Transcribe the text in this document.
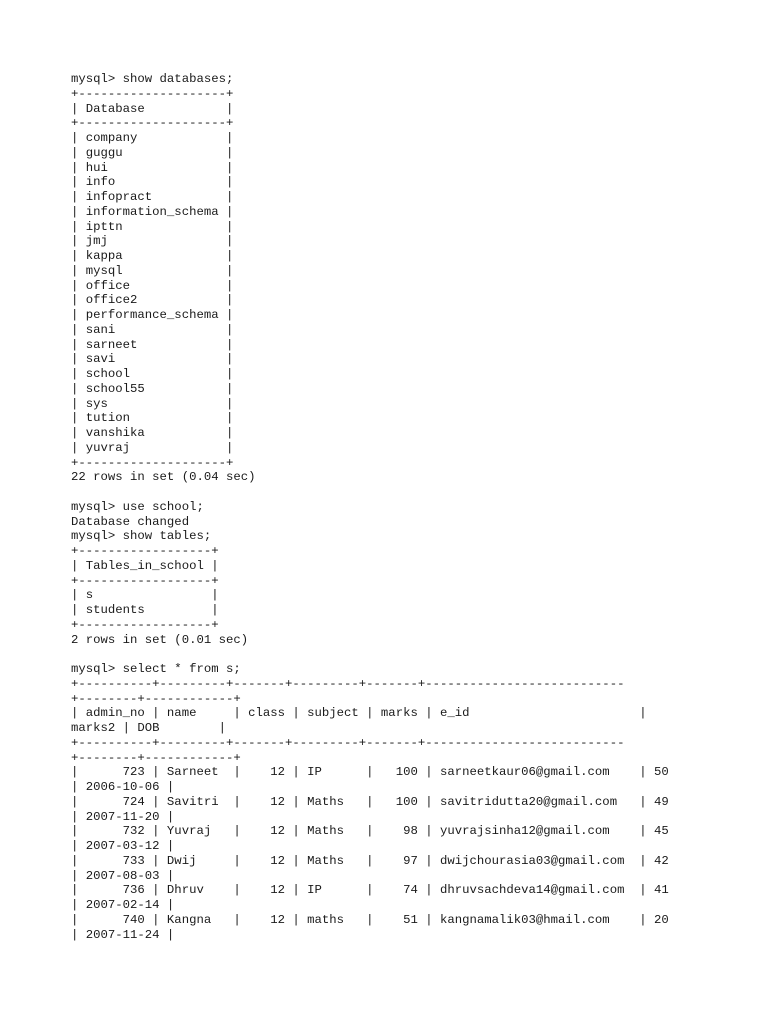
mysql> show databases;
+--------------------+
| Database           |
+--------------------+
| company            |
| guggu              |
| hui                |
| info               |
| infopract          |
| information_schema |
| ipttn              |
| jmj                |
| kappa              |
| mysql              |
| office             |
| office2            |
| performance_schema |
| sani               |
| sarneet            |
| savi               |
| school             |
| school55           |
| sys                |
| tution             |
| vanshika           |
| yuvraj             |
+--------------------+
22 rows in set (0.04 sec)
mysql> use school;
Database changed
mysql> show tables;
+------------------+
| Tables_in_school |
+------------------+
| s                |
| students         |
+------------------+
2 rows in set (0.01 sec)
mysql> select * from s;
+----------+---------+-------+---------+-------+---------------------------
+--------+------------+
| admin_no | name     | class | subject | marks | e_id                       |
marks2 | DOB        |
+----------+---------+-------+---------+-------+---------------------------
+--------+------------+
|      723 | Sarneet  |    12 | IP      |   100 | sarneetkaur06@gmail.com    | 50
| 2006-10-06 |
|      724 | Savitri  |    12 | Maths   |   100 | savitridutta20@gmail.com   | 49
| 2007-11-20 |
|      732 | Yuvraj   |    12 | Maths   |    98 | yuvrajsinha12@gmail.com    | 45
| 2007-03-12 |
|      733 | Dwij     |    12 | Maths   |    97 | dwijchourasia03@gmail.com  | 42
| 2007-08-03 |
|      736 | Dhruv    |    12 | IP      |    74 | dhruvsachdeva14@gmail.com  | 41
| 2007-02-14 |
|      740 | Kangna   |    12 | maths   |    51 | kangnamalik03@hmail.com    | 20
| 2007-11-24 |
